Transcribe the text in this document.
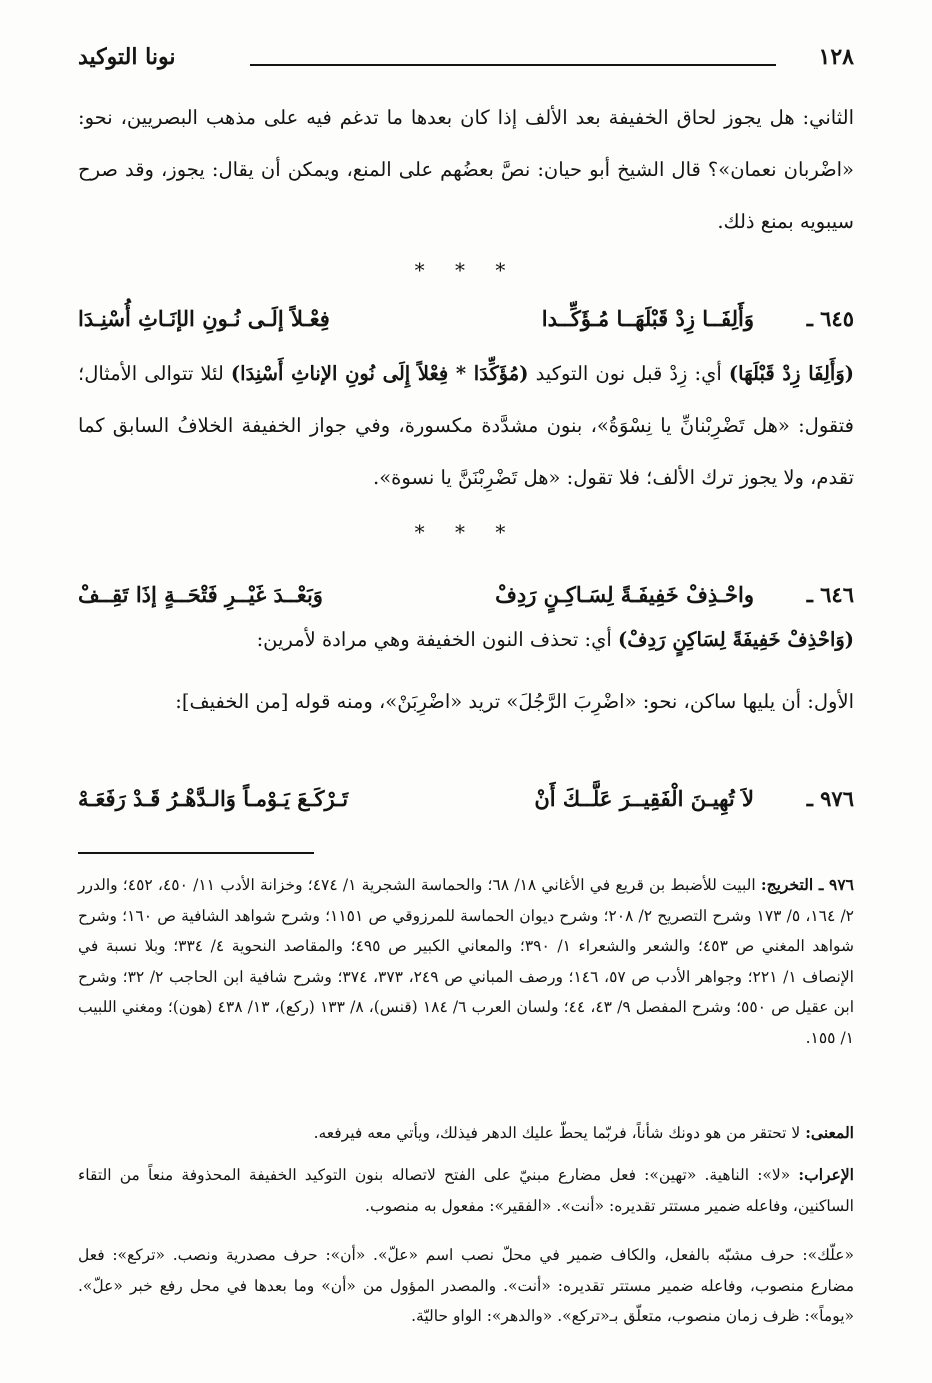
١٢٨
نونا التوكيد

الثاني: هل يجوز لحاق الخفيفة بعد الألف إذا كان بعدها ما تدغم فيه على مذهب البصريين، نحو: «اضْربان نعمان»؟ قال الشيخ أبو حيان: نصَّ بعضُهم على المنع، ويمكن أن يقال: يجوز، وقد صرح سيبويه بمنع ذلك.

* * *
٦٤٥ ـ
وَأَلِفَــا زِدْ قَبْلَهَــا مُـؤَكِّــدا
فِعْـلاً إلَـى نُـونِ الإنَـاثِ أُسْنِـدَا

(وَأَلِفَا زِدْ قَبْلَهَا) أي: زِدْ قبل نون التوكيد (مُؤَكِّدَا * فِعْلاً إِلَى نُونِ الإناثِ أَسْنِدَا) لئلا تتوالى الأمثال؛ فتقول: «هل تَضْرِبْنانِّ يا نِسْوَةُ»، بنون مشدَّدة مكسورة، وفي جواز الخفيفة الخلافُ السابق كما تقدم، ولا يجوز ترك الألف؛ فلا تقول: «هل تَضْرِبْنَنَّ يا نسوة».

* * *
٦٤٦ ـ
واحْـذِفْ خَفِيفَـةً لِسَـاكِـنٍ رَدِفْ
وَبَعْــدَ غَيْــرِ فَتْحَــةٍ إذَا تَقِــفْ

(وَاحْذِفْ خَفِيفَةً لِسَاكِنٍ رَدِفْ) أي: تحذف النون الخفيفة وهي مرادة لأمرين:

الأول: أن يليها ساكن، نحو: «اضْرِبَ الرَّجُلَ» تريد «اضْرِبَنْ»، ومنه قوله [من الخفيف]:

٩٧٦ ـ
لاَ تُهِيـنَ الْفَقِيــرَ عَلَّــكَ أَنْ
تَـرْكَـعَ يَـوْمـاً وَالـدَّهْـرُ قَـدْ رَفَعَـهْ

٩٧٦ ـ التخريج: البيت للأضبط بن قريع في الأغاني ١٨/ ٦٨؛ والحماسة الشجرية ١/ ٤٧٤؛ وخزانة الأدب ١١/ ٤٥٠، ٤٥٢؛ والدرر ٢/ ١٦٤، ٥/ ١٧٣ وشرح التصريح ٢/ ٢٠٨؛ وشرح ديوان الحماسة للمرزوقي ص ١١٥١؛ وشرح شواهد الشافية ص ١٦٠؛ وشرح شواهد المغني ص ٤٥٣؛ والشعر والشعراء ١/ ٣٩٠؛ والمعاني الكبير ص ٤٩٥؛ والمقاصد النحوية ٤/ ٣٣٤؛ وبلا نسبة في الإنصاف ١/ ٢٢١؛ وجواهر الأدب ص ٥٧، ١٤٦؛ ورصف المباني ص ٢٤٩، ٣٧٣، ٣٧٤؛ وشرح شافية ابن الحاجب ٢/ ٣٢؛ وشرح ابن عقيل ص ٥٥٠؛ وشرح المفصل ٩/ ٤٣، ٤٤؛ ولسان العرب ٦/ ١٨٤ (قنس)، ٨/ ١٣٣ (ركع)، ١٣/ ٤٣٨ (هون)؛ ومغني اللبيب ١/ ١٥٥.

المعنى: لا تحتقر من هو دونك شأناً، فربّما يحطّ عليك الدهر فيذلك، ويأتي معه فيرفعه.

الإعراب: «لا»: الناهية. «تهين»: فعل مضارع مبنيّ على الفتح لاتصاله بنون التوكيد الخفيفة المحذوفة منعاً من التقاء الساكنين، وفاعله ضمير مستتر تقديره: «أنت». «الفقير»: مفعول به منصوب.

«علّك»: حرف مشبّه بالفعل، والكاف ضمير في محلّ نصب اسم «علّ». «أن»: حرف مصدرية ونصب. «تركع»: فعل مضارع منصوب، وفاعله ضمير مستتر تقديره: «أنت». والمصدر المؤول من «أن» وما بعدها في محل رفع خبر «علّ». «يوماً»: ظرف زمان منصوب، متعلّق بـ«تركع». «والدهر»: الواو حاليّة.
